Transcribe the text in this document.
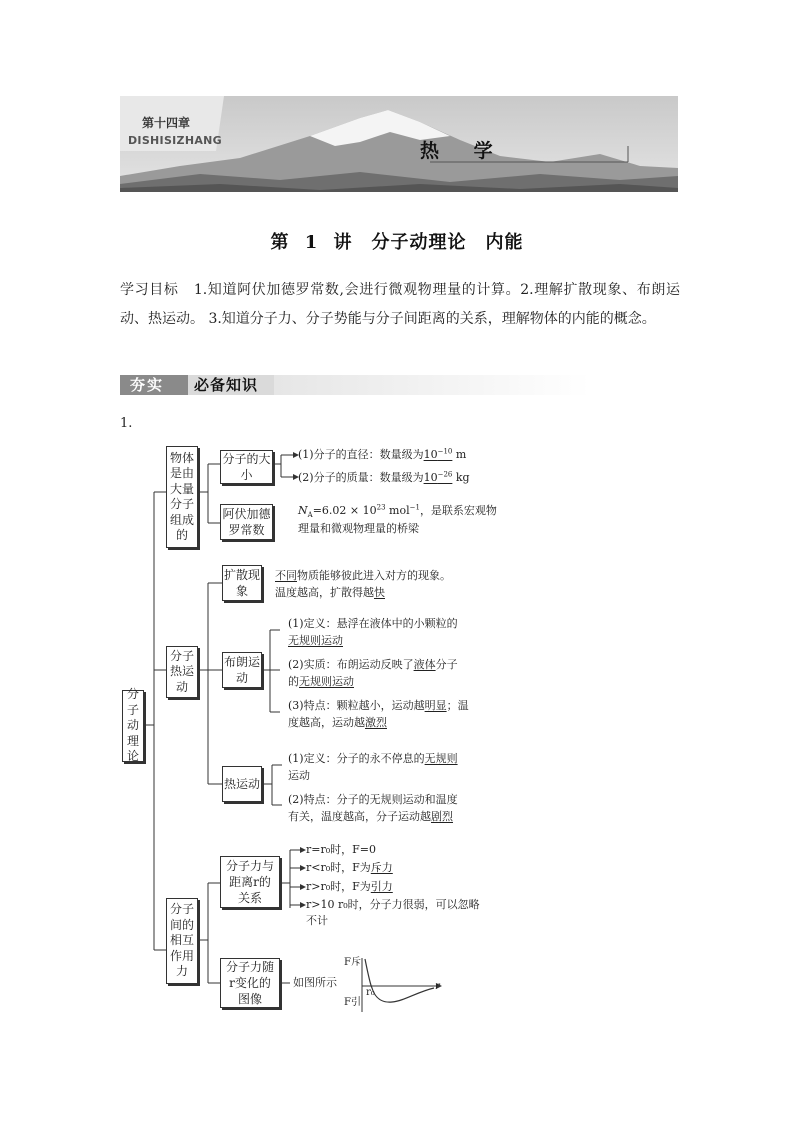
第十四章
DISHISIZHANG	热 学
第 1 讲　分子动理论　内能
学习目标 1.知道阿伏加德罗常数,会进行微观物理量的计算。2.理解扩散现象、布朗运动、热运动。 3.知道分子力、分子势能与分子间距离的关系，理解物体的内能的概念。
夯实 必备知识
1.
分子动理论
物体是由大量分子组成的
分子的大小
(1)分子的直径：数量级为$10^{-10}$ m
(2)分子的质量：数量级为$10^{-26}$ kg
阿伏加德罗常数
$N_A=6.02 \times 10^{23}$ mol$^{-1}$，是联系宏观物
理量和微观物理量的桥梁
分子热运动
扩散现象
不同物质能够彼此进入对方的现象。
温度越高，扩散得越快
布朗运动
(1)定义：悬浮在液体中的小颗粒的
无规则运动
(2)实质：布朗运动反映了液体分子
的无规则运动
(3)特点：颗粒越小，运动越明显；温
度越高，运动越激烈
热运动
(1)定义：分子的永不停息的无规则
运动
(2)特点：分子的无规则运动和温度
有关，温度越高，分子运动越剧烈
分子间的相互作用力
分子力与距离r的关系
r=r₀时，F=0
r<r₀时，F为斥力
r>r₀时，F为引力
r>10 r₀时，分子力很弱，可以忽略
不计
分子力随r变化的图像
如图所示
F斥
F引
r₀
r
